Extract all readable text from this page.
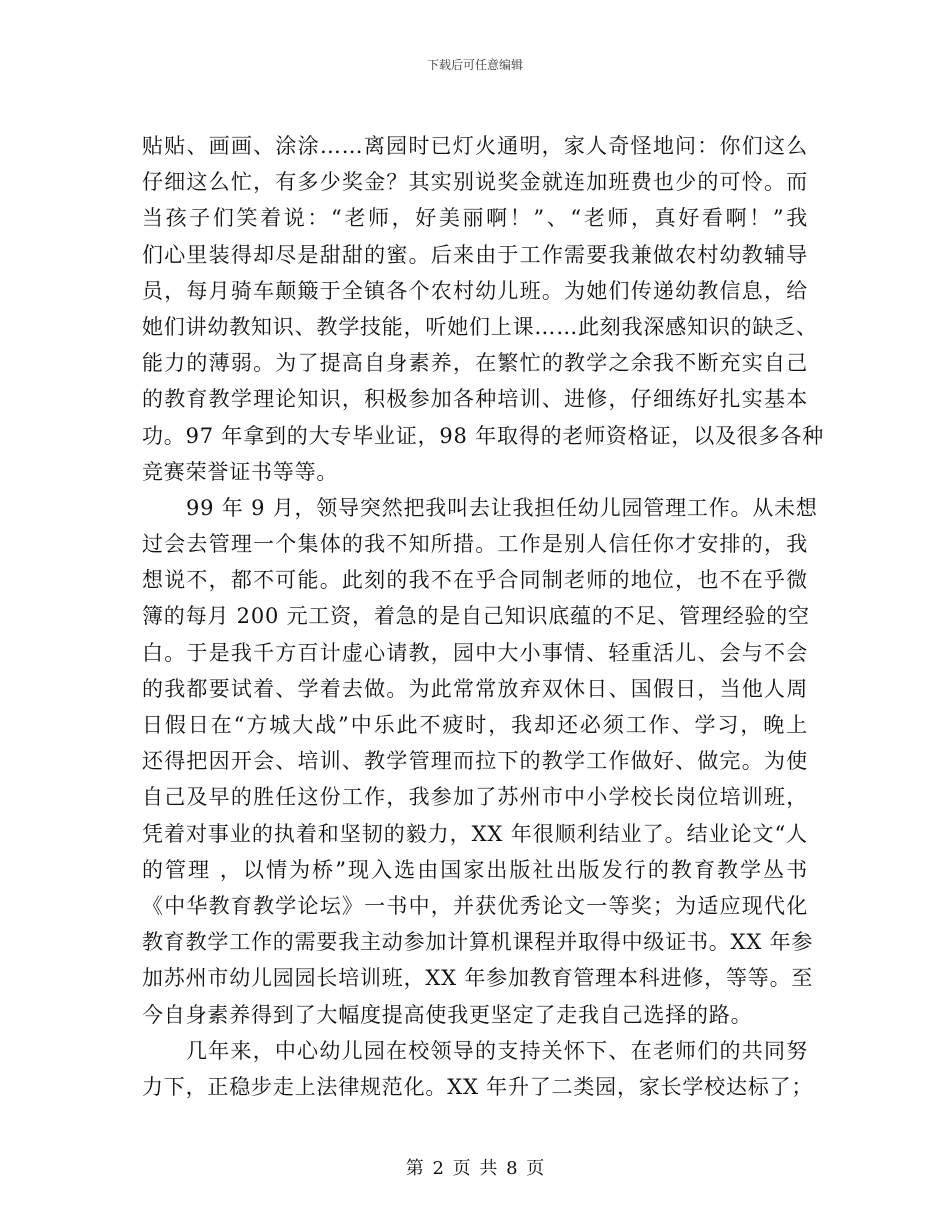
下载后可任意编辑
贴贴、画画、涂涂……离园时已灯火通明，家人奇怪地问：你们这么
仔细这么忙，有多少奖金？其实别说奖金就连加班费也少的可怜。而
当孩子们笑着说：“老师，好美丽啊！”、“老师，真好看啊！”我
们心里装得却尽是甜甜的蜜。后来由于工作需要我兼做农村幼教辅导
员，每月骑车颠簸于全镇各个农村幼儿班。为她们传递幼教信息，给
她们讲幼教知识、教学技能，听她们上课……此刻我深感知识的缺乏、
能力的薄弱。为了提高自身素养，在繁忙的教学之余我不断充实自己
的教育教学理论知识，积极参加各种培训、进修，仔细练好扎实基本
功。97 年拿到的大专毕业证，98 年取得的老师资格证，以及很多各种
竞赛荣誉证书等等。
99 年 9 月，领导突然把我叫去让我担任幼儿园管理工作。从未想
过会去管理一个集体的我不知所措。工作是别人信任你才安排的，我
想说不，都不可能。此刻的我不在乎合同制老师的地位，也不在乎微
簿的每月 200 元工资，着急的是自己知识底蕴的不足、管理经验的空
白。于是我千方百计虚心请教，园中大小事情、轻重活儿、会与不会
的我都要试着、学着去做。为此常常放弃双休日、国假日，当他人周
日假日在“方城大战”中乐此不疲时，我却还必须工作、学习，晚上
还得把因开会、培训、教学管理而拉下的教学工作做好、做完。为使
自己及早的胜任这份工作，我参加了苏州市中小学校长岗位培训班，
凭着对事业的执着和坚韧的毅力，XX 年很顺利结业了。结业论文“人
的管理 ，以情为桥”现入选由国家出版社出版发行的教育教学丛书
《中华教育教学论坛》一书中，并获优秀论文一等奖；为适应现代化
教育教学工作的需要我主动参加计算机课程并取得中级证书。XX 年参
加苏州市幼儿园园长培训班，XX 年参加教育管理本科进修，等等。至
今自身素养得到了大幅度提高使我更坚定了走我自己选择的路。
几年来，中心幼儿园在校领导的支持关怀下、在老师们的共同努
力下，正稳步走上法律规范化。XX 年升了二类园，家长学校达标了；
第 2 页 共 8 页
